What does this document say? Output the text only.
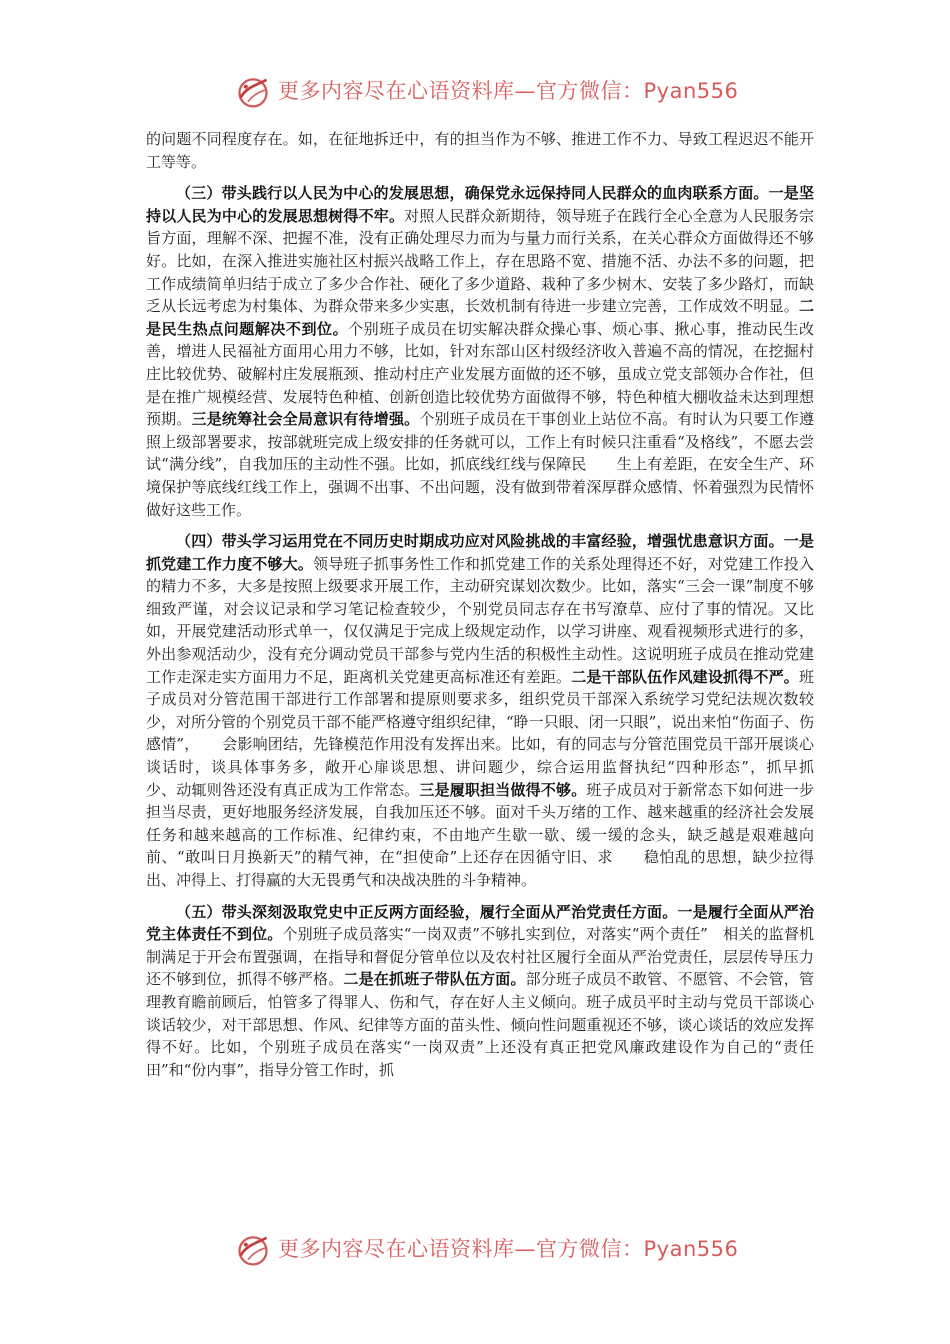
更多内容尽在心语资料库—官方微信：Pyan556

的问题不同程度存在。如，在征地拆迁中，有的担当作为不够、推进工作不力、导致工程迟迟不能开工等等。

（三）带头践行以人民为中心的发展思想，确保党永远保持同人民群众的血肉联系方面。一是坚持以人民为中心的发展思想树得不牢。对照人民群众新期待，领导班子在践行全心全意为人民服务宗旨方面，理解不深、把握不准，没有正确处理尽力而为与量力而行关系，在关心群众方面做得还不够好。比如，在深入推进实施社区村振兴战略工作上，存在思路不宽、措施不活、办法不多的问题，把工作成绩简单归结于成立了多少合作社、硬化了多少道路、栽种了多少树木、安装了多少路灯，而缺乏从长远考虑为村集体、为群众带来多少实惠，长效机制有待进一步建立完善，工作成效不明显。二是民生热点问题解决不到位。个别班子成员在切实解决群众操心事、烦心事、揪心事，推动民生改善，增进人民福祉方面用心用力不够，比如，针对东部山区村级经济收入普遍不高的情况，在挖掘村庄比较优势、破解村庄发展瓶颈、推动村庄产业发展方面做的还不够，虽成立党支部领办合作社，但是在推广规模经营、发展特色种植、创新创造比较优势方面做得不够，特色种植大棚收益未达到理想预期。三是统筹社会全局意识有待增强。个别班子成员在干事创业上站位不高。有时认为只要工作遵照上级部署要求，按部就班完成上级安排的任务就可以，工作上有时候只注重看“及格线”，不愿去尝试“满分线”，自我加压的主动性不强。比如，抓底线红线与保障民　　生上有差距，在安全生产、环境保护等底线红线工作上，强调不出事、不出问题，没有做到带着深厚群众感情、怀着强烈为民情怀做好这些工作。

（四）带头学习运用党在不同历史时期成功应对风险挑战的丰富经验，增强忧患意识方面。一是抓党建工作力度不够大。领导班子抓事务性工作和抓党建工作的关系处理得还不好，对党建工作投入的精力不多，大多是按照上级要求开展工作，主动研究谋划次数少。比如，落实“三会一课”制度不够细致严谨，对会议记录和学习笔记检查较少，个别党员同志存在书写潦草、应付了事的情况。又比如，开展党建活动形式单一，仅仅满足于完成上级规定动作，以学习讲座、观看视频形式进行的多，外出参观活动少，没有充分调动党员干部参与党内生活的积极性主动性。这说明班子成员在推动党建工作走深走实方面用力不足，距离机关党建更高标准还有差距。二是干部队伍作风建设抓得不严。班子成员对分管范围干部进行工作部署和提原则要求多，组织党员干部深入系统学习党纪法规次数较少，对所分管的个别党员干部不能严格遵守组织纪律，“睁一只眼、闭一只眼”，说出来怕“伤面子、伤感情”，　　会影响团结，先锋模范作用没有发挥出来。比如，有的同志与分管范围党员干部开展谈心谈话时，谈具体事务多，敞开心扉谈思想、讲问题少，综合运用监督执纪“四种形态”，抓早抓　　少、动辄则咎还没有真正成为工作常态。三是履职担当做得不够。班子成员对于新常态下如何进一步担当尽责，更好地服务经济发展，自我加压还不够。面对千头万绪的工作、越来越重的经济社会发展任务和越来越高的工作标准、纪律约束，不由地产生歇一歇、缓一缓的念头，缺乏越是艰难越向前、“敢叫日月换新天”的精气神，在“担使命”上还存在因循守旧、求　　稳怕乱的思想，缺少拉得出、冲得上、打得赢的大无畏勇气和决战决胜的斗争精神。

（五）带头深刻汲取党史中正反两方面经验，履行全面从严治党责任方面。一是履行全面从严治党主体责任不到位。个别班子成员落实“一岗双责”不够扎实到位，对落实“两个责任”　相关的监督机制满足于开会布置强调，在指导和督促分管单位以及农村社区履行全面从严治党责任，层层传导压力还不够到位，抓得不够严格。二是在抓班子带队伍方面。部分班子成员不敢管、不愿管、不会管，管理教育瞻前顾后，怕管多了得罪人、伤和气，存在好人主义倾向。班子成员平时主动与党员干部谈心谈话较少，对干部思想、作风、纪律等方面的苗头性、倾向性问题重视还不够，谈心谈话的效应发挥得不好。比如，个别班子成员在落实“一岗双责”上还没有真正把党风廉政建设作为自己的“责任田”和“份内事”，指导分管工作时，抓

更多内容尽在心语资料库—官方微信：Pyan556
